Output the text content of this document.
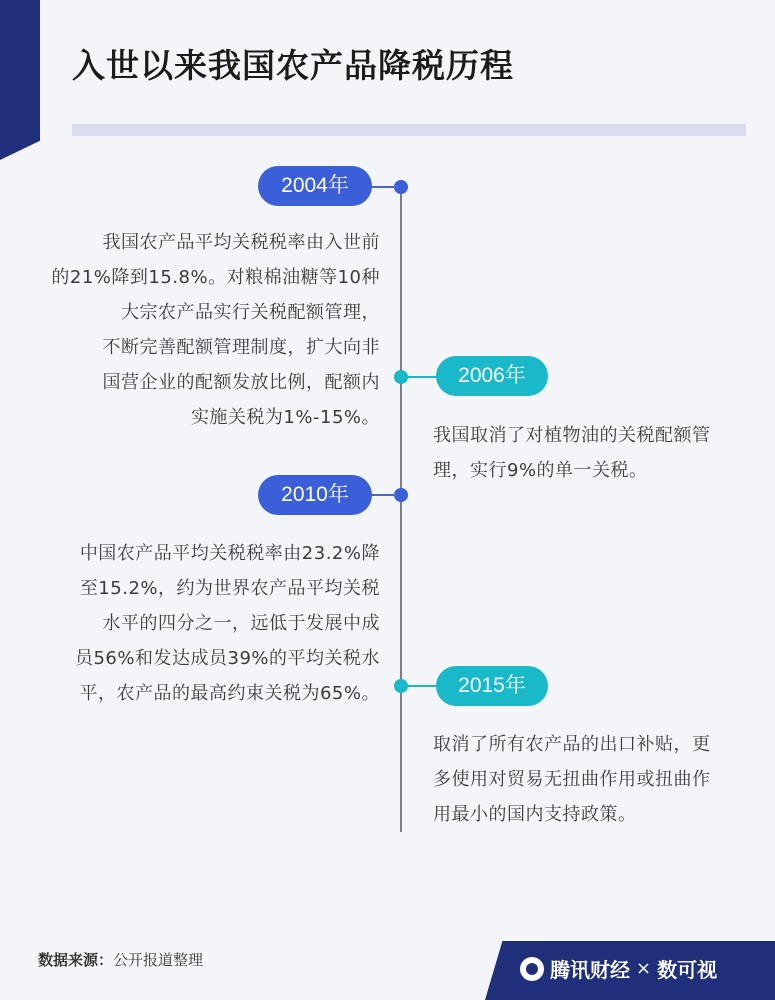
入世以来我国农产品降税历程
2004年
我国农产品平均关税税率由入世前
的21%降到15.8%。对粮棉油糖等10种
大宗农产品实行关税配额管理，
不断完善配额管理制度，扩大向非
国营企业的配额发放比例，配额内
实施关税为1%-15%。
2006年
我国取消了对植物油的关税配额管
理，实行9%的单一关税。
2010年
中国农产品平均关税税率由23.2%降
至15.2%，约为世界农产品平均关税
水平的四分之一，远低于发展中成
员56%和发达成员39%的平均关税水
平，农产品的最高约束关税为65%。	2015年
取消了所有农产品的出口补贴，更
多使用对贸易无扭曲作用或扭曲作
用最小的国内支持政策。
数据来源：公开报道整理	腾讯财经 × 数可视
